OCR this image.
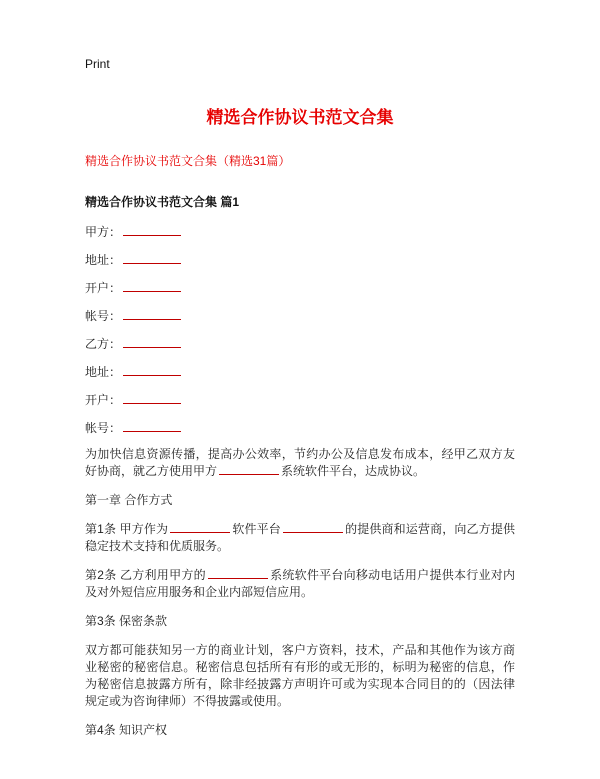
Print
精选合作协议书范文合集
精选合作协议书范文合集（精选31篇）
精选合作协议书范文合集 篇1
甲方：
地址：
开户：
帐号：
乙方：
地址：
开户：
帐号：

为加快信息资源传播，提高办公效率，节约办公及信息发布成本，经甲乙双方友好协商，就乙方使用甲方	系统软件平台，达成协议。

第一章 合作方式

第1条 甲方作为	软件平台	的提供商和运营商，向乙方提供稳定技术支持和优质服务。

第2条 乙方利用甲方的	系统软件平台向移动电话用户提供本行业对内及对外短信应用服务和企业内部短信应用。

第3条 保密条款

双方都可能获知另一方的商业计划，客户方资料，技术，产品和其他作为该方商业秘密的秘密信息。秘密信息包括所有有形的或无形的，标明为秘密的信息，作为秘密信息披露方所有，除非经披露方声明许可或为实现本合同目的的（因法律规定或为咨询律师）不得披露或使用。

第4条 知识产权
